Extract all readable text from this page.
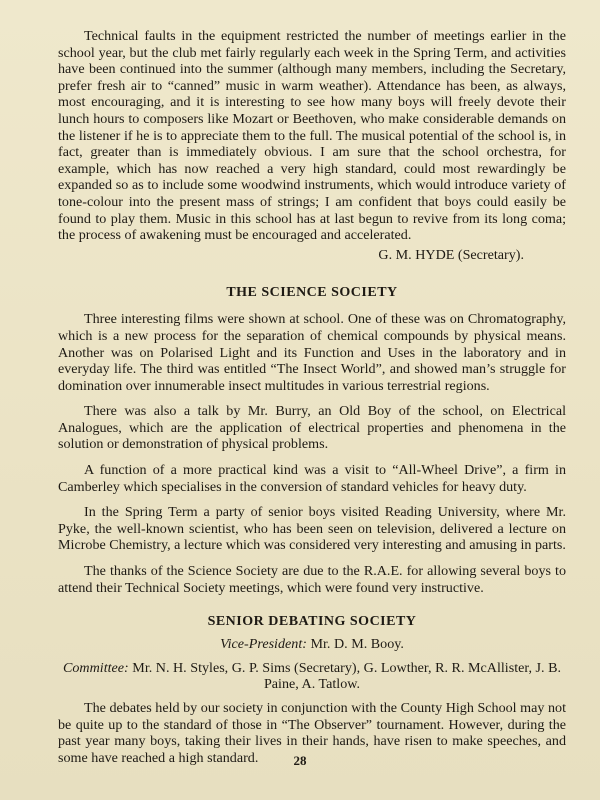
Technical faults in the equipment restricted the number of meetings earlier in the school year, but the club met fairly regularly each week in the Spring Term, and activities have been continued into the summer (although many members, including the Secretary, prefer fresh air to “canned” music in warm weather). Attendance has been, as always, most encouraging, and it is interesting to see how many boys will freely devote their lunch hours to composers like Mozart or Beethoven, who make considerable demands on the listener if he is to appreciate them to the full. The musical potential of the school is, in fact, greater than is immediately obvious. I am sure that the school orchestra, for example, which has now reached a very high standard, could most rewardingly be expanded so as to include some woodwind instruments, which would introduce variety of tone-colour into the present mass of strings; I am confident that boys could easily be found to play them. Music in this school has at last begun to revive from its long coma; the process of awakening must be encouraged and accelerated.

G. M. HYDE (Secretary).
THE SCIENCE SOCIETY

Three interesting films were shown at school. One of these was on Chromatography, which is a new process for the separation of chemical compounds by physical means. Another was on Polarised Light and its Function and Uses in the laboratory and in everyday life. The third was entitled “The Insect World”, and showed man’s struggle for domination over innumerable insect multitudes in various terrestrial regions.

There was also a talk by Mr. Burry, an Old Boy of the school, on Electrical Analogues, which are the application of electrical properties and phenomena in the solution or demonstration of physical problems.

A function of a more practical kind was a visit to “All-Wheel Drive”, a firm in Camberley which specialises in the conversion of standard vehicles for heavy duty.

In the Spring Term a party of senior boys visited Reading University, where Mr. Pyke, the well-known scientist, who has been seen on television, delivered a lecture on Microbe Chemistry, a lecture which was considered very interesting and amusing in parts.

The thanks of the Science Society are due to the R.A.E. for allowing several boys to attend their Technical Society meetings, which were found very instructive.

SENIOR DEBATING SOCIETY
Vice-President: Mr. D. M. Booy.
Committee: Mr. N. H. Styles, G. P. Sims (Secretary), G. Lowther, R. R. McAllister, J. B. Paine, A. Tatlow.

The debates held by our society in conjunction with the County High School may not be quite up to the standard of those in “The Observer” tournament. However, during the past year many boys, taking their lives in their hands, have risen to make speeches, and some have reached a high standard.	28
